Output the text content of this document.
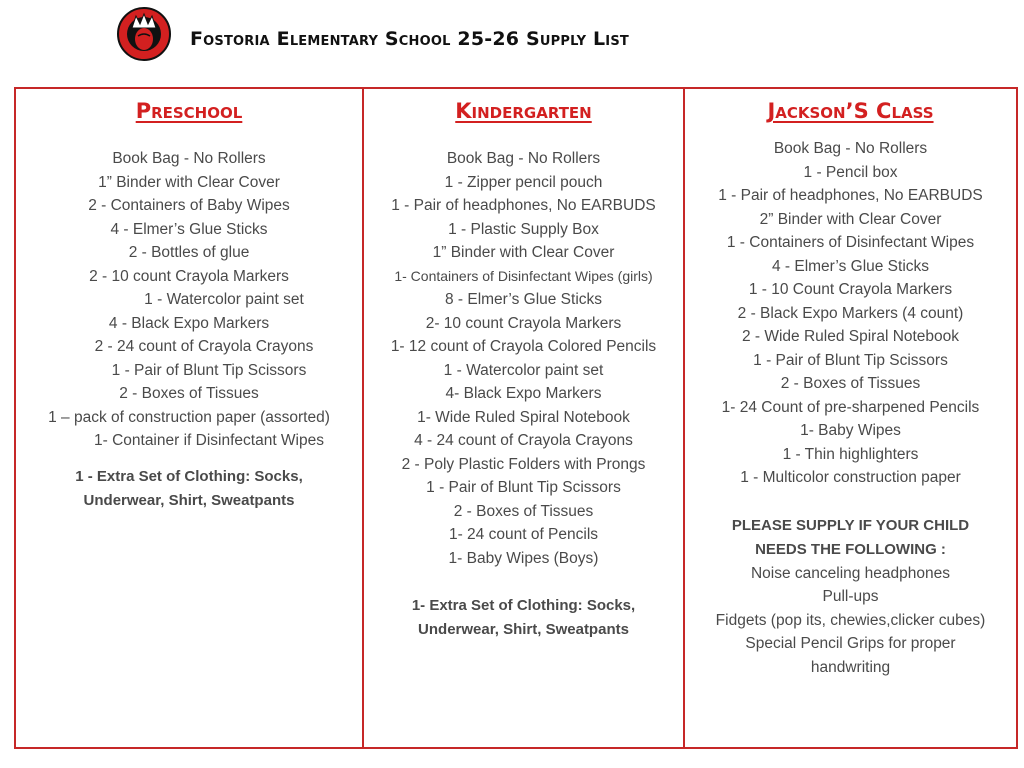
Fostoria Elementary School 25-26 Supply List
Preschool
Book Bag - No Rollers
1” Binder with Clear Cover
2 - Containers of Baby Wipes
4 - Elmer’s Glue Sticks
2 - Bottles of glue
2 - 10 count Crayola Markers
1 - Watercolor paint set
4 - Black Expo Markers
2 - 24 count of Crayola Crayons
1 - Pair of Blunt Tip Scissors
2 - Boxes of Tissues
1 – pack of construction paper (assorted)
1- Container if Disinfectant Wipes
1 - Extra Set of Clothing: Socks,
Underwear, Shirt, Sweatpants
Kindergarten
Book Bag - No Rollers
1 - Zipper pencil pouch
1 - Pair of headphones, No EARBUDS
1 - Plastic Supply Box
1” Binder with Clear Cover
1- Containers of Disinfectant Wipes (girls)
8 - Elmer’s Glue Sticks
2- 10 count Crayola Markers
1- 12 count of Crayola Colored Pencils
1 - Watercolor paint set
4- Black Expo Markers
1- Wide Ruled Spiral Notebook
4 - 24 count of Crayola Crayons
2 - Poly Plastic Folders with Prongs
1 - Pair of Blunt Tip Scissors
2 - Boxes of Tissues
1- 24 count of Pencils
1- Baby Wipes (Boys)
1- Extra Set of Clothing: Socks,
Underwear, Shirt, Sweatpants
Jackson’S Class
Book Bag - No Rollers
1 - Pencil box
1 - Pair of headphones, No EARBUDS
2” Binder with Clear Cover
1 - Containers of Disinfectant Wipes
4 - Elmer’s Glue Sticks
1 - 10 Count Crayola Markers
2 - Black Expo Markers (4 count)
2 - Wide Ruled Spiral Notebook
1 - Pair of Blunt Tip Scissors
2 - Boxes of Tissues
1- 24 Count of pre-sharpened Pencils
1- Baby Wipes
1 - Thin highlighters
1 - Multicolor construction paper
PLEASE SUPPLY IF YOUR CHILD
NEEDS THE FOLLOWING :
Noise canceling headphones
Pull-ups
Fidgets (pop its, chewies,clicker cubes)
Special Pencil Grips for proper
handwriting
